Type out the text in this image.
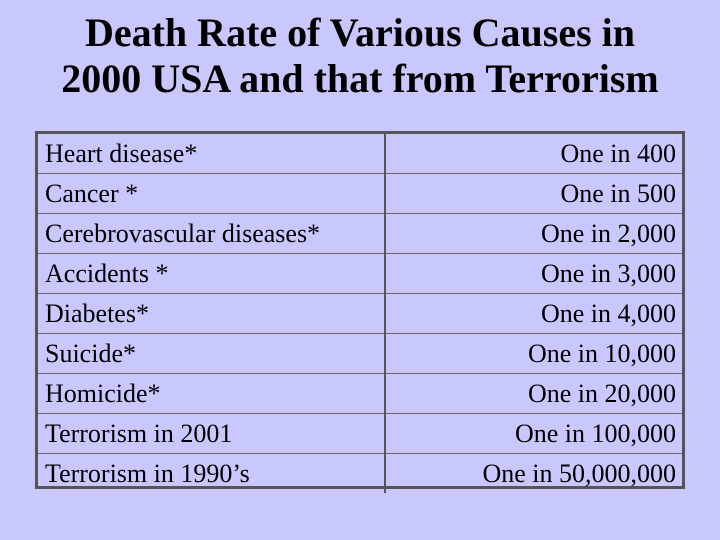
Death Rate of Various Causes in
2000 USA and that from Terrorism
Heart disease*	One in 400
Cancer *	One in 500
Cerebrovascular diseases*	One in 2,000
Accidents *	One in 3,000
Diabetes*	One in 4,000
Suicide*	One in 10,000
Homicide*	One in 20,000
Terrorism in 2001	One in 100,000
Terrorism in 1990’s	One in 50,000,000
